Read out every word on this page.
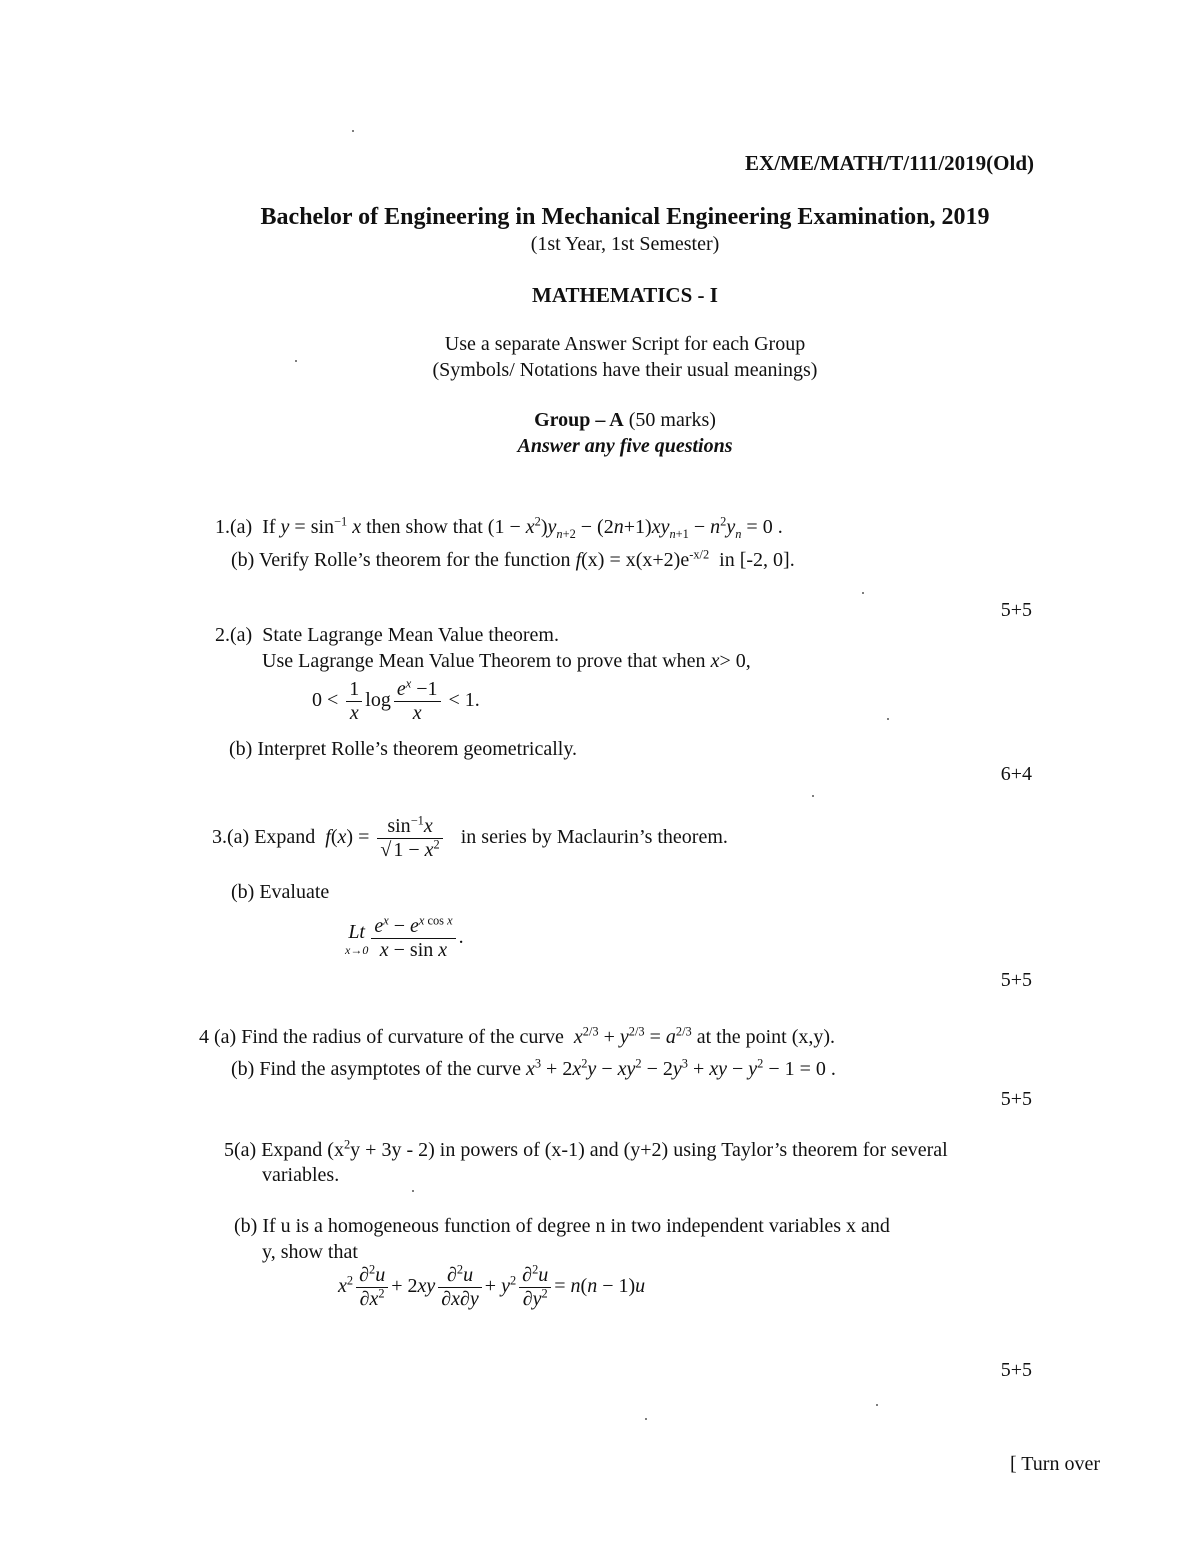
EX/ME/MATH/T/111/2019(Old)
Bachelor of Engineering in Mechanical Engineering Examination, 2019
(1st Year, 1st Semester)
MATHEMATICS - I
Use a separate Answer Script for each Group
(Symbols/ Notations have their usual meanings)
Group – A (50 marks)
Answer any five questions
1.(a) If $y = \sin^{-1} x$ then show that $(1 - x^2)y_{n+2} - (2n+1)xy_{n+1} - n^2y_n = 0$ .
(b) Verify Rolle’s theorem for the function $f(x) = x(x+2)e^{-x/2}$ in [-2, 0].
5+5
2.(a) State Lagrange Mean Value theorem.
Use Lagrange Mean Value Theorem to prove that when x> 0,
$0 < \frac{1}{x}$ $\log \frac{e^x -1}{x} < 1$.
(b) Interpret Rolle’s theorem geometrically.
6+4
3.(a) Expand $f(x) = \frac{\sin^{-1}x}{√ 1 - x^2}$ in series by Maclaurin’s theorem.
(b) Evaluate
Lt
$x\to 0 \frac{e^x - e^{x cos x}}{\text{x − sin x}}$ .
5+5
4 (a) Find the radius of curvature of the curve $x^{2/3} + y^{2/3} = a^{2/3}$ at the point (x,y).
(b) Find the asymptotes of the curve $x^3 + 2x^2y - xy^2 - 2y^3$ + xy − $y^2 - 1 = 0$ .
5+5
5(a) Expand $(x^2y + 3y - 2)$ in powers of (x-1) and (y+2) using Taylor’s theorem for several
variables.
(b) If u is a homogeneous function of degree n in two independent variables x and
y, show that
$x^2 \frac{\partial^2u}{\partial x^2} + 2xy \frac{\partial^2u}{\partial x\partial y} + y^2 \frac{\partial^2u}{\partial y^2} = n(n - 1)u$
5+5
[ Turn over
